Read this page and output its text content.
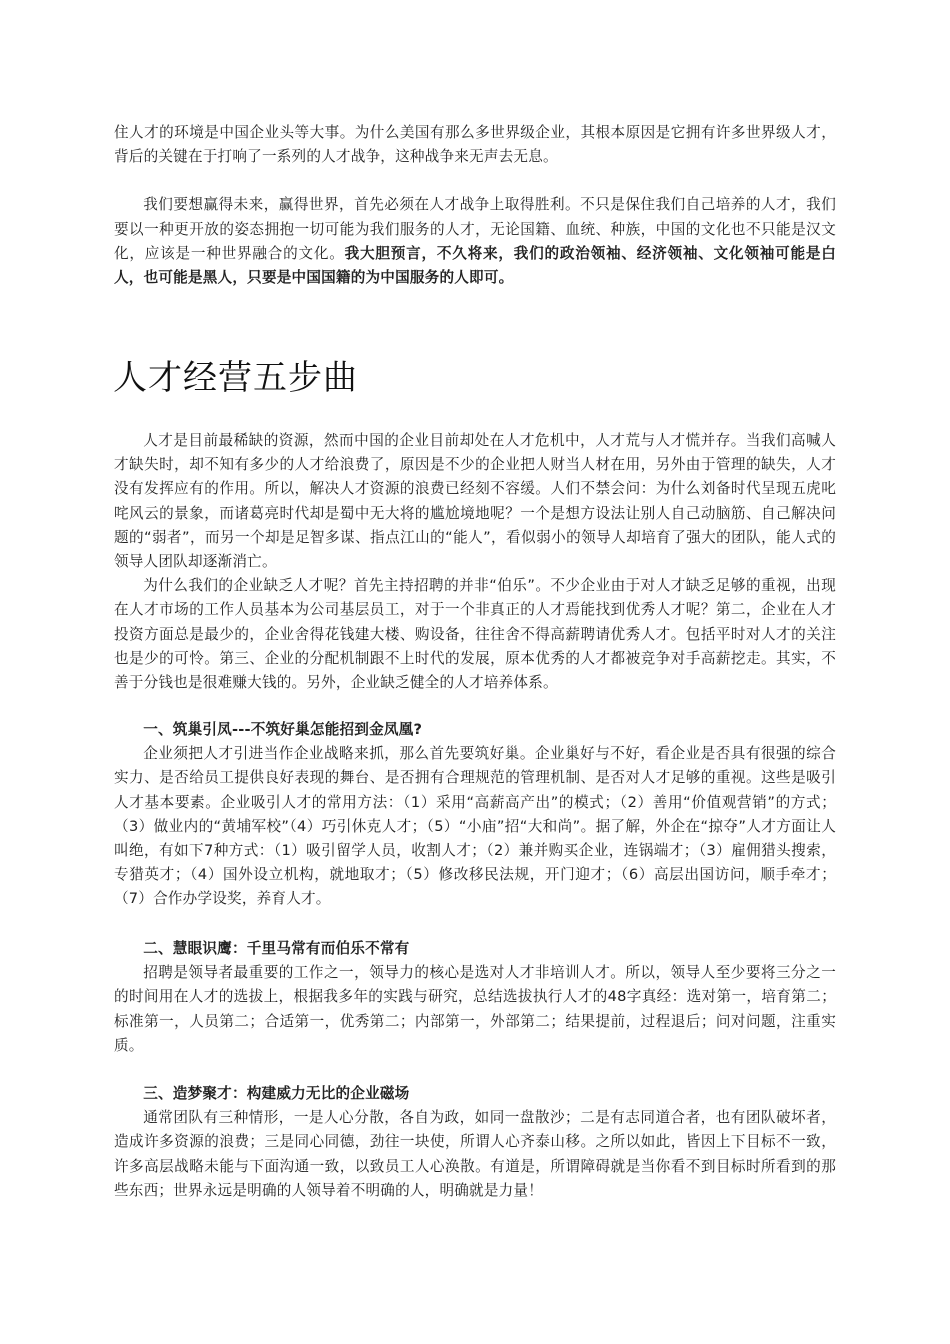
住人才的环境是中国企业头等大事。为什么美国有那么多世界级企业，其根本原因是它拥有许多世界级人才，背后的关键在于打响了一系列的人才战争，这种战争来无声去无息。

我们要想赢得未来，赢得世界，首先必须在人才战争上取得胜利。不只是保住我们自己培养的人才，我们要以一种更开放的姿态拥抱一切可能为我们服务的人才，无论国籍、血统、种族，中国的文化也不只能是汉文化，应该是一种世界融合的文化。我大胆预言，不久将来，我们的政治领袖、经济领袖、文化领袖可能是白人，也可能是黑人，只要是中国国籍的为中国服务的人即可。

人才经营五步曲

人才是目前最稀缺的资源，然而中国的企业目前却处在人才危机中，人才荒与人才慌并存。当我们高喊人才缺失时，却不知有多少的人才给浪费了，原因是不少的企业把人财当人材在用，另外由于管理的缺失，人才没有发挥应有的作用。所以，解决人才资源的浪费已经刻不容缓。人们不禁会问：为什么刘备时代呈现五虎叱咤风云的景象，而诸葛亮时代却是蜀中无大将的尴尬境地呢？一个是想方设法让别人自己动脑筋、自己解决问题的“弱者”，而另一个却是足智多谋、指点江山的“能人”，看似弱小的领导人却培育了强大的团队，能人式的领导人团队却逐渐消亡。

为什么我们的企业缺乏人才呢？首先主持招聘的并非“伯乐”。不少企业由于对人才缺乏足够的重视，出现在人才市场的工作人员基本为公司基层员工，对于一个非真正的人才焉能找到优秀人才呢？第二，企业在人才投资方面总是最少的，企业舍得花钱建大楼、购设备，往往舍不得高薪聘请优秀人才。包括平时对人才的关注也是少的可怜。第三、企业的分配机制跟不上时代的发展，原本优秀的人才都被竞争对手高薪挖走。其实，不善于分钱也是很难赚大钱的。另外，企业缺乏健全的人才培养体系。

一、筑巢引凤---不筑好巢怎能招到金凤凰?

企业须把人才引进当作企业战略来抓，那么首先要筑好巢。企业巢好与不好，看企业是否具有很强的综合实力、是否给员工提供良好表现的舞台、是否拥有合理规范的管理机制、是否对人才足够的重视。这些是吸引人才基本要素。企业吸引人才的常用方法：（1）采用“高薪高产出”的模式；（2）善用“价值观营销”的方式；（3）做业内的“黄埔军校”（4）巧引休克人才；（5）“小庙”招“大和尚”。据了解，外企在“掠夺”人才方面让人叫绝，有如下7种方式：（1）吸引留学人员，收割人才；（2）兼并购买企业，连锅端才；（3）雇佣猎头搜索，专猎英才；（4）国外设立机构，就地取才；（5）修改移民法规，开门迎才；（6）高层出国访问，顺手牵才；（7）合作办学设奖，养育人才。

二、慧眼识鹰：千里马常有而伯乐不常有

招聘是领导者最重要的工作之一，领导力的核心是选对人才非培训人才。所以，领导人至少要将三分之一的时间用在人才的选拔上，根据我多年的实践与研究，总结选拔执行人才的48字真经：选对第一，培育第二；标准第一，人员第二；合适第一，优秀第二；内部第一，外部第二；结果提前，过程退后；问对问题，注重实质。

三、造梦聚才：构建威力无比的企业磁场

通常团队有三种情形，一是人心分散，各自为政，如同一盘散沙；二是有志同道合者，也有团队破坏者，造成许多资源的浪费；三是同心同德，劲往一块使，所谓人心齐泰山移。之所以如此，皆因上下目标不一致，许多高层战略未能与下面沟通一致，以致员工人心涣散。有道是，所谓障碍就是当你看不到目标时所看到的那些东西；世界永远是明确的人领导着不明确的人，明确就是力量！
